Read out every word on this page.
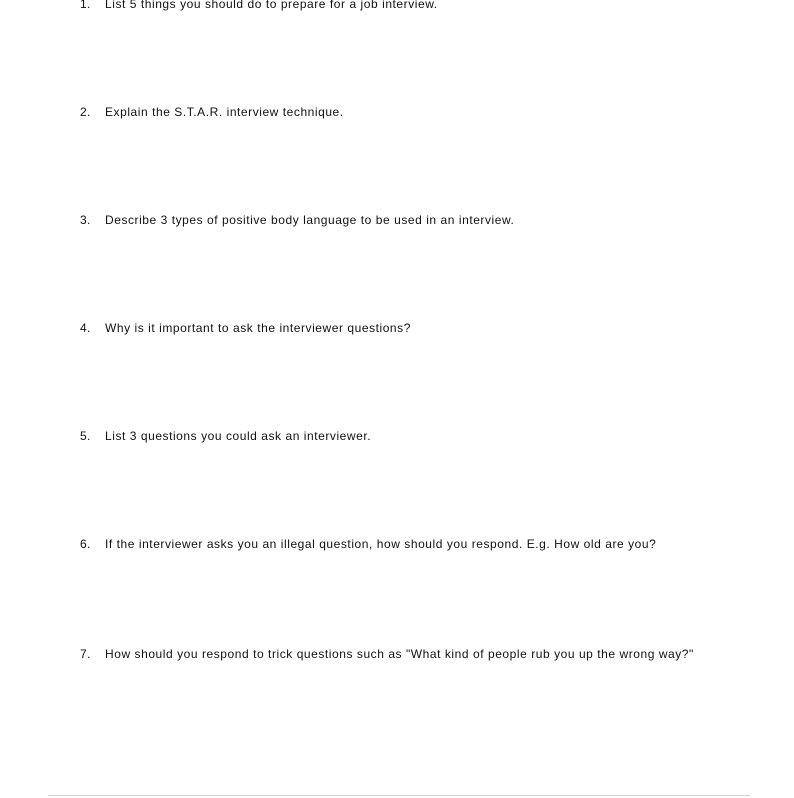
1.	List 5 things you should do to prepare for a job interview.
2.	Explain the S.T.A.R. interview technique.
3.	Describe 3 types of positive body language to be used in an interview.
4.	Why is it important to ask the interviewer questions?
5.	List 3 questions you could ask an interviewer.
6.	If the interviewer asks you an illegal question, how should you respond. E.g. How old are you?
7.	How should you respond to trick questions such as "What kind of people rub you up the wrong way?"
